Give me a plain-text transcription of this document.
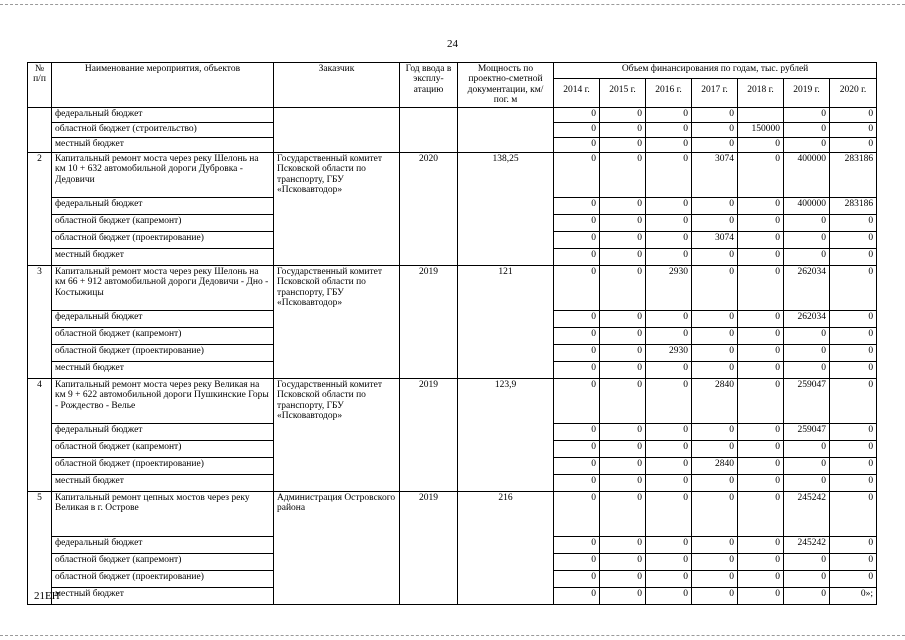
24
№ п/п	Наименование мероприятия, объектов	Заказчик	Год ввода в эксплу-атацию	Мощность по проектно-сметной документации, км/пог. м	Объем финансирования по годам, тыс. рублей						
					2014 г.	2015 г.	2016 г.	2017 г.	2018 г.	2019 г.	2020 г.
	федеральный бюджет				0	0	0	0		0	0
	областной бюджет (строительство)				0	0	0	0	150000	0	0
	местный бюджет				0	0	0	0	0	0	0
2	Капитальный ремонт моста через реку Шелонь на км 10 + 632 автомобильной дороги Дубровка - Дедовичи	Государственный комитет Псковской области по транспорту, ГБУ «Псковавтодор»	2020	138,25	0	0	0	3074	0	400000	283186
	федеральный бюджет				0	0	0	0	0	400000	283186
	областной бюджет (капремонт)				0	0	0	0	0	0	0
	областной бюджет (проектирование)				0	0	0	3074	0	0	0
	местный бюджет				0	0	0	0	0	0	0
3	Капитальный ремонт моста через реку Шелонь на км 66 + 912 автомобильной дороги Дедовичи - Дно - Костыжицы	Государственный комитет Псковской области по транспорту, ГБУ «Псковавтодор»	2019	121	0	0	2930	0	0	262034	0
	федеральный бюджет				0	0	0	0	0	262034	0
	областной бюджет (капремонт)				0	0	0	0	0	0	0
	областной бюджет (проектирование)				0	0	2930	0	0	0	0
	местный бюджет				0	0	0	0	0	0	0
4	Капитальный ремонт моста через реку Великая на км 9 + 622 автомобильной дороги Пушкинские Горы - Рождество - Велье	Государственный комитет Псковской области по транспорту, ГБУ «Псковавтодор»	2019	123,9	0	0	0	2840	0	259047	0
	федеральный бюджет				0	0	0	0	0	259047	0
	областной бюджет (капремонт)				0	0	0	0	0	0	0
	областной бюджет (проектирование)				0	0	0	2840	0	0	0
	местный бюджет				0	0	0	0	0	0	0
5	Капитальный ремонт цепных мостов через реку Великая в г. Острове	Администрация Островского района	2019	216	0	0	0	0	0	245242	0
	федеральный бюджет				0	0	0	0	0	245242	0
	областной бюджет (капремонт)				0	0	0	0	0	0	0
	областной бюджет (проектирование)				0	0	0	0	0	0	0
	местный бюджет				0	0	0	0	0	0	0»;
21ЕН
